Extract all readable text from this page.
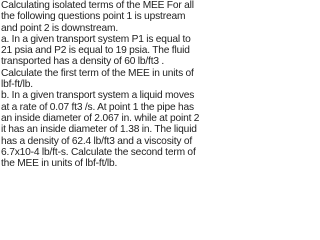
Calculating isolated terms of the MEE For all the following questions point 1 is upstream and point 2 is downstream.

a. In a given transport system P1 is equal to 21 psia and P2 is equal to 19 psia. The fluid transported has a density of 60 lb/ft3 . Calculate the first term of the MEE in units of lbf-ft/lb.

b. In a given transport system a liquid moves at a rate of 0.07 ft3 /s. At point 1 the pipe has an inside diameter of 2.067 in. while at point 2 it has an inside diameter of 1.38 in. The liquid has a density of 62.4 lb/ft3 and a viscosity of 6.7x10-4 lb/ft-s. Calculate the second term of the MEE in units of lbf-ft/lb.
